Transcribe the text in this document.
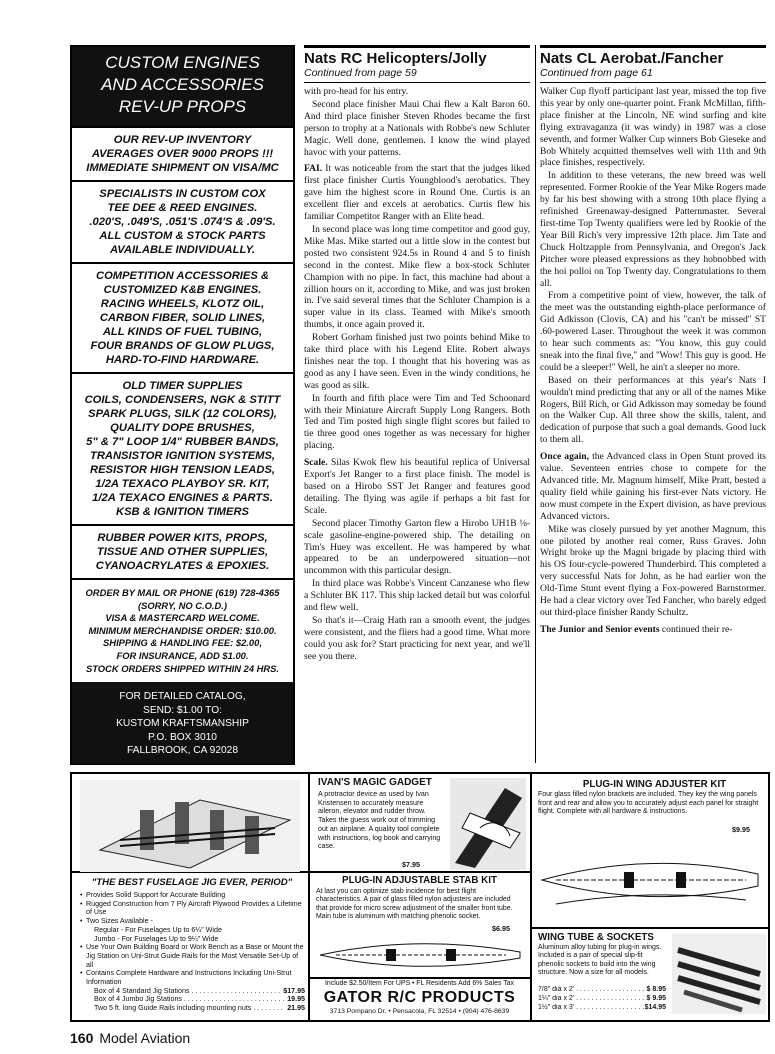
CUSTOM ENGINES
AND ACCESSORIES
REV-UP PROPS
OUR REV-UP INVENTORY
AVERAGES OVER 9000 PROPS !!!
IMMEDIATE SHIPMENT ON VISA/MC
SPECIALISTS IN CUSTOM COX
TEE DEE & REED ENGINES.
.020'S, .049'S, .051'S .074'S & .09'S.
ALL CUSTOM & STOCK PARTS
AVAILABLE INDIVIDUALLY.
COMPETITION ACCESSORIES &
CUSTOMIZED K&B ENGINES.
RACING WHEELS, KLOTZ OIL,
CARBON FIBER, SOLID LINES,
ALL KINDS OF FUEL TUBING,
FOUR BRANDS OF GLOW PLUGS,
HARD-TO-FIND HARDWARE.
OLD TIMER SUPPLIES
COILS, CONDENSERS, NGK & STITT
SPARK PLUGS, SILK (12 COLORS),
QUALITY DOPE BRUSHES,
5" & 7" LOOP 1/4" RUBBER BANDS,
TRANSISTOR IGNITION SYSTEMS,
RESISTOR HIGH TENSION LEADS,
1/2A TEXACO PLAYBOY SR. KIT,
1/2A TEXACO ENGINES & PARTS.
KSB & IGNITION TIMERS
RUBBER POWER KITS, PROPS,
TISSUE AND OTHER SUPPLIES,
CYANOACRYLATES & EPOXIES.
ORDER BY MAIL OR PHONE (619) 728-4365
(SORRY, NO C.O.D.)
VISA & MASTERCARD WELCOME.
MINIMUM MERCHANDISE ORDER: $10.00.
SHIPPING & HANDLING FEE: $2.00,
FOR INSURANCE, ADD $1.00.
STOCK ORDERS SHIPPED WITHIN 24 HRS.
FOR DETAILED CATALOG,
SEND: $1.00 TO:
KUSTOM KRAFTSMANSHIP
P.O. BOX 3010
FALLBROOK, CA 92028
Nats RC Helicopters/Jolly
Continued from page 59

with pro-head for his entry.

Second place finisher Maui Chai flew a Kalt Baron 60. And third place finisher Steven Rhodes became the first person to trophy at a Nationals with Robbe's new Schluter Magic. Well done, gentlemen. I know the wind played havoc with your patterns.

FAI. It was noticeable from the start that the judges liked first place finisher Curtis Youngblood's aerobatics. They gave him the highest score in Round One. Curtis is an excellent flier and excels at aerobatics. Curtis flew his familiar Competitor Ranger with an Elite head.

In second place was long time competitor and good guy, Mike Mas. Mike started out a little slow in the contest but posted two consistent 924.5s in Round 4 and 5 to finish second in the contest. Mike flew a box-stock Schluter Champion with no pipe. In fact, this machine had about a zillion hours on it, according to Mike, and was just broken in. I've said several times that the Schluter Champion is a super value in its class. Teamed with Mike's smooth thumbs, it once again proved it.

Robert Gorham finished just two points behind Mike to take third place with his Legend Elite. Robert always finishes near the top. I thought that his hovering was as good as any I have seen. Even in the windy conditions, he was good as silk.

In fourth and fifth place were Tim and Ted Schoonard with their Miniature Aircraft Supply Long Rangers. Both Ted and Tim posted high single flight scores but failed to tie three good ones together as was necessary for higher placing.

Scale. Silas Kwok flew his beautiful replica of Universal Export's Jet Ranger to a first place finish. The model is based on a Hirobo SST Jet Ranger and features good detailing. The flying was agile if perhaps a bit fast for Scale.

Second placer Timothy Garton flew a Hirobo UH1B ⅛-scale gasoline-engine-powered ship. The detailing on Tim's Huey was excellent. He was hampered by what appeared to be an underpowered situation—not uncommon with this particular design.

In third place was Robbe's Vincent Canzanese who flew a Schluter BK 117. This ship lacked detail but was colorful and flew well.

So that's it—Craig Hath ran a smooth event, the judges were consistent, and the fliers had a good time. What more could you ask for? Start practicing for next year, and we'll see you there.

Nats CL Aerobat./Fancher
Continued from page 61

Walker Cup flyoff participant last year, missed the top five this year by only one-quarter point. Frank McMillan, fifth-place finisher at the Lincoln, NE wind surfing and kite flying extravaganza (it was windy) in 1987 was a close seventh, and former Walker Cup winners Bob Gieseke and Bob Whitely acquitted themselves well with 11th and 9th place finishes, respectively.

In addition to these veterans, the new breed was well represented. Former Rookie of the Year Mike Rogers made by far his best showing with a strong 10th place flying a refinished Greenaway-designed Patternmaster. Several first-time Top Twenty qualifiers were led by Rookie of the Year Bill Rich's very impressive 12th place. Jim Tate and Chuck Holtzapple from Pennsylvania, and Oregon's Jack Pitcher wore pleased expressions as they hobnobbed with the hoi polloi on Top Twenty day. Congratulations to them all.

From a competitive point of view, however, the talk of the meet was the outstanding eighth-place performance of Gid Adkisson (Clovis, CA) and his ''can't be missed'' ST .60-powered Laser. Throughout the week it was common to hear such comments as: ''You know, this guy could sneak into the final five,'' and ''Wow! This guy is good. He could be a sleeper!'' Well, he ain't a sleeper no more.

Based on their performances at this year's Nats I wouldn't mind predicting that any or all of the names Mike Rogers, Bill Rich, or Gid Adkisson may someday be found on the Walker Cup. All three show the skills, talent, and dedication of purpose that such a goal demands. Good luck to them all.

Once again, the Advanced class in Open Stunt proved its value. Seventeen entries chose to compete for the Advanced title. Mr. Magnum himself, Mike Pratt, bested a quality field while gaining his first-ever Nats victory. He now must compete in the Expert division, as have previous Advanced victors.

Mike was closely pursued by yet another Magnum, this one piloted by another real comer, Russ Graves. John Wright broke up the Magni brigade by placing third with his OS four-cycle-powered Thunderbird. This completed a very successful Nats for John, as he had earlier won the Old-Time Stunt event flying a Fox-powered Barnstormer. He had a clear victory over Ted Fancher, who barely edged out third-place finisher Randy Schultz.

The Junior and Senior events continued their re-

"THE BEST FUSELAGE JIG EVER, PERIOD"
• Provides Solid Support for Accurate Building
• Rugged Construction from 7 Ply Aircraft Plywood Provides a Lifetime of Use
• Two Sizes Available -
Regular - For Fuselages Up to 6¼" Wide
Jumbo - For Fuselages Up to 9¼" Wide
• Use Your Own Building Board or Work Bench as a Base or Mount the Jig Station on Uni-Strut Guide Rails for the Most Versatile Set-Up of all
• Contains Complete Hardware and Instructions Including Uni-Strut Information
Box of 4 Standard Jig Stations . . .	$17.95
Box of 4 Jumbo Jig Stations . . .	19.95
Two 5 ft. long Guide Rails including mounting nuts . . .	21.95
IVAN'S MAGIC GADGET
A protractor device as used by Ivan Kristensen to accurately measure aileron, elevator and rudder throw. Takes the guess work out of trimming out an airplane. A quality tool complete with instructions, log book and carrying case.
$7.95
PLUG-IN ADJUSTABLE STAB KIT
At last you can optimize stab incidence for best flight characteristics. A pair of glass filled nylon adjusters are included that provide for micro screw adjustment of the smaller front tube. Main tube is aluminum with matching phenolic socket.
$6.95
Include $2.50/Item For UPS • FL Residents Add 6% Sales Tax
GATOR R/C PRODUCTS
3713 Pompano Dr. • Pensacola, FL 32514 • (904) 476-8639
PLUG-IN WING ADJUSTER KIT
Four glass filled nylon brackets are included. They key the wing panels front and rear and allow you to accurately adjust each panel for straight flight. Complete with all hardware & instructions.
$9.95
WING TUBE & SOCKETS
Aluminum alloy tubing for plug-in wings. Included is a pair of special slip-fit phenolic sockets to build into the wing structure. Now a size for all models.
7/8" dia x 2' . . .	$ 8.95
1¼" dia x 2' . . .	$ 9.95
1½" dia x 3' . . .	$14.95
160 Model Aviation
